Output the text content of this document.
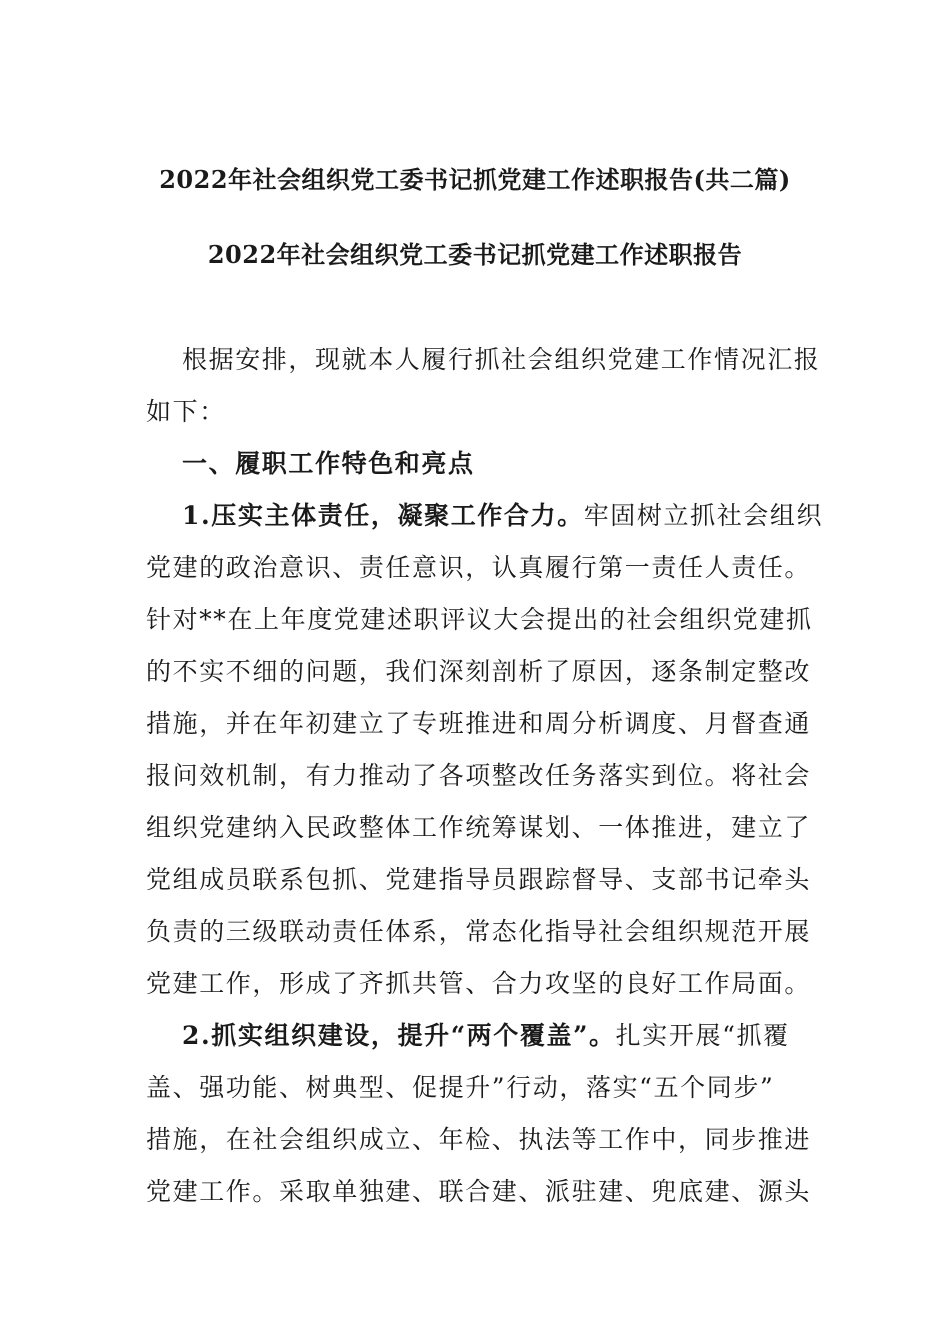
2022年社会组织党工委书记抓党建工作述职报告(共二篇)
2022年社会组织党工委书记抓党建工作述职报告
根据安排，现就本人履行抓社会组织党建工作情况汇报
如下：
一、履职工作特色和亮点
1.压实主体责任，凝聚工作合力。牢固树立抓社会组织
党建的政治意识、责任意识，认真履行第一责任人责任。
针对**在上年度党建述职评议大会提出的社会组织党建抓
的不实不细的问题，我们深刻剖析了原因，逐条制定整改
措施，并在年初建立了专班推进和周分析调度、月督查通
报问效机制，有力推动了各项整改任务落实到位。将社会
组织党建纳入民政整体工作统筹谋划、一体推进，建立了
党组成员联系包抓、党建指导员跟踪督导、支部书记牵头
负责的三级联动责任体系，常态化指导社会组织规范开展
党建工作，形成了齐抓共管、合力攻坚的良好工作局面。
2.抓实组织建设，提升“两个覆盖”。扎实开展“抓覆
盖、强功能、树典型、促提升”行动，落实“五个同步”
措施，在社会组织成立、年检、执法等工作中，同步推进
党建工作。采取单独建、联合建、派驻建、兜底建、源头
